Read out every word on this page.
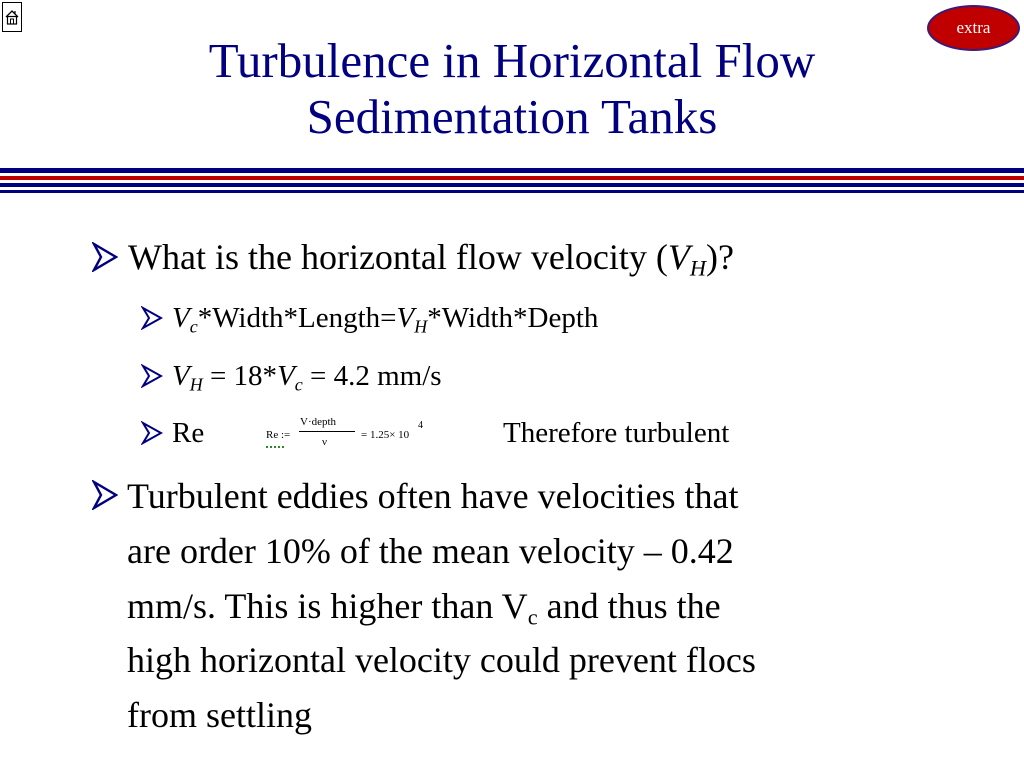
extra
Turbulence in Horizontal Flow
Sedimentation Tanks
What is the horizontal flow velocity $(V_H)$?
$V_c*Width*Length=V_H*Width*Depth$
$V_H = 18*V_c = 4.2$ mm/s
Re	Re :=
V·depth
ν
= 1.25× 10
4	Therefore turbulent
Turbulent eddies often have velocities that
are order 10% of the mean velocity – 0.42
mm/s. This is higher than $V_c$ and thus the
high horizontal velocity could prevent flocs
from settling
